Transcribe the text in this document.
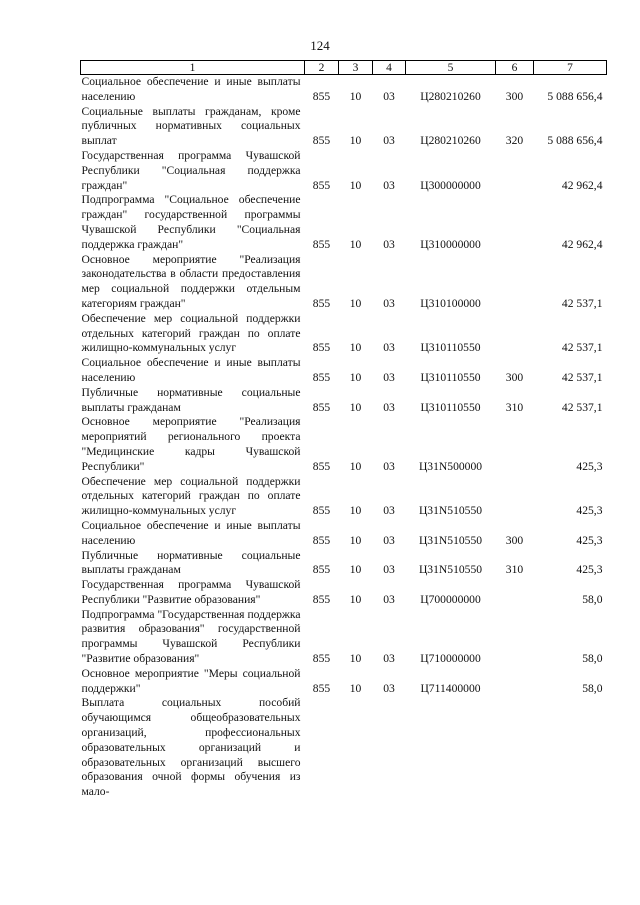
124
1	2	3	4	5	6	7
Социальное обеспечение и иные выплаты населению	855	10	03	Ц280210260	300	5 088 656,4
Социальные выплаты гражданам, кроме публичных нормативных социальных выплат	855	10	03	Ц280210260	320	5 088 656,4
Государственная программа Чувашской Республики "Социальная поддержка граждан"	855	10	03	Ц300000000		42 962,4
Подпрограмма "Социальное обеспечение граждан" государственной программы Чувашской Республики "Социальная поддержка граждан"	855	10	03	Ц310000000		42 962,4
Основное мероприятие "Реализация законодательства в области предоставления мер социальной поддержки отдельным категориям граждан"	855	10	03	Ц310100000		42 537,1
Обеспечение мер социальной поддержки отдельных категорий граждан по оплате жилищно-коммунальных услуг	855	10	03	Ц310110550		42 537,1
Социальное обеспечение и иные выплаты населению	855	10	03	Ц310110550	300	42 537,1
Публичные нормативные социальные выплаты гражданам	855	10	03	Ц310110550	310	42 537,1
Основное мероприятие "Реализация мероприятий регионального проекта "Медицинские кадры Чувашской Республики"	855	10	03	Ц31N500000		425,3
Обеспечение мер социальной поддержки отдельных категорий граждан по оплате жилищно-коммунальных услуг	855	10	03	Ц31N510550		425,3
Социальное обеспечение и иные выплаты населению	855	10	03	Ц31N510550	300	425,3
Публичные нормативные социальные выплаты гражданам	855	10	03	Ц31N510550	310	425,3
Государственная программа Чувашской Республики "Развитие образования"	855	10	03	Ц700000000		58,0
Подпрограмма "Государственная поддержка развития образования" государственной программы Чувашской Республики "Развитие образования"	855	10	03	Ц710000000		58,0
Основное мероприятие "Меры социальной поддержки"	855	10	03	Ц711400000		58,0
Выплата социальных пособий обучающимся общеобразовательных организаций, профессиональных образовательных организаций и образовательных организаций высшего образования очной формы обучения из мало-						
